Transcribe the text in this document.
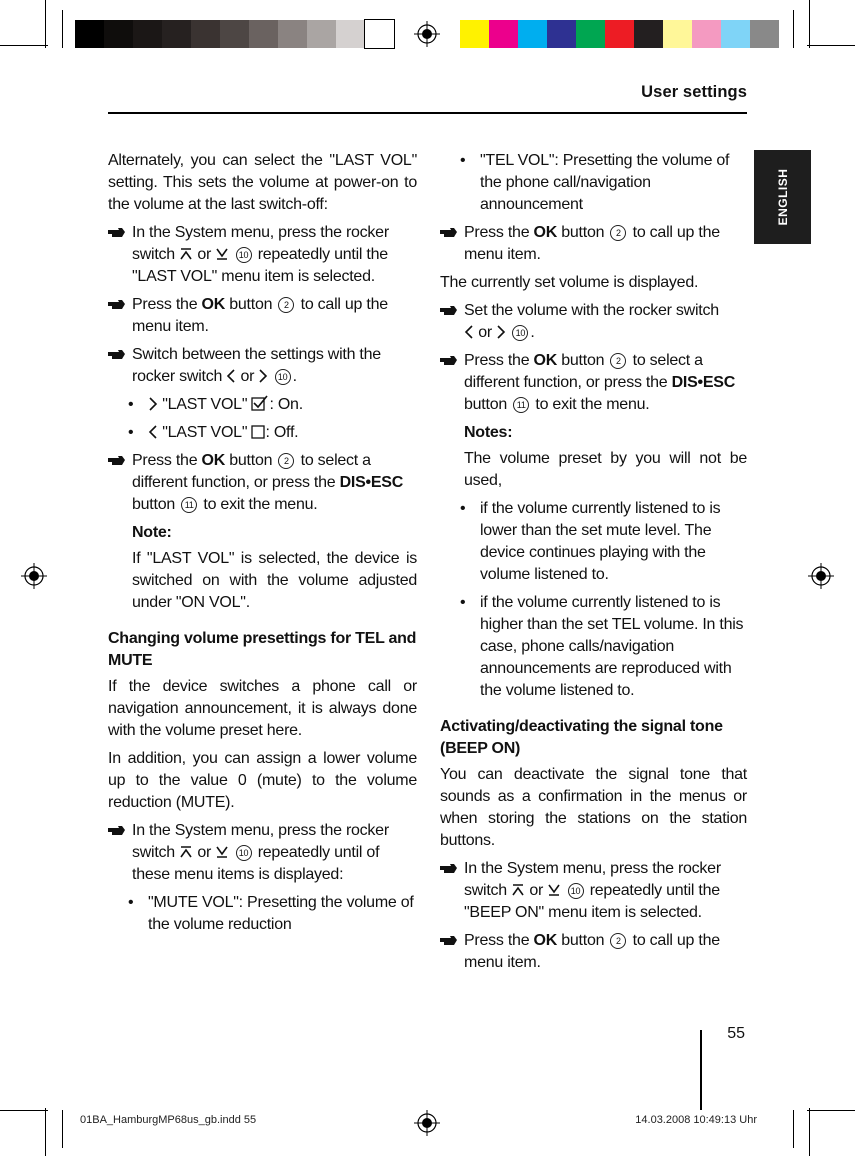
User settings
ENGLISH

Alternately, you can select the "LAST VOL" setting. This sets the volume at power-on to the volume at the last switch-off:

In the System menu, press the rocker switch or	10 repeatedly until the "LAST VOL" menu item is selected.

Press the OK button 2 to call up the menu item.

Switch between the settings with the rocker switch or	10 .

• "LAST VOL" : On.

• "LAST VOL" : Off.

Press the OK button 2 to select a different function, or press the DIS•ESC button 11 to exit the menu.

Note:

If "LAST VOL" is selected, the device is switched on with the volume adjusted under "ON VOL".

Changing volume presettings for TEL and MUTE

If the device switches a phone call or navigation announcement, it is always done with the volume preset here.

In addition, you can assign a lower volume up to the value 0 (mute) to the volume reduction (MUTE).

In the System menu, press the rocker switch or	10 repeatedly until of these menu items is displayed:

• "MUTE VOL": Presetting the volume of the volume reduction

• "TEL VOL": Presetting the volume of the phone call/navigation announcement

Press the OK button 2 to call up the menu item.

The currently set volume is displayed.

Set the volume with the rocker switch
or	10 .

Press the OK button 2 to select a different function, or press the DIS•ESC button 11 to exit the menu.

Notes:

The volume preset by you will not be used,

• if the volume currently listened to is lower than the set mute level. The device continues playing with the volume listened to.

• if the volume currently listened to is higher than the set TEL volume. In this case, phone calls/navigation announcements are reproduced with the volume listened to.

Activating/deactivating the signal tone (BEEP ON)

You can deactivate the signal tone that sounds as a confirmation in the menus or when storing the stations on the station buttons.

In the System menu, press the rocker switch or	10 repeatedly until the "BEEP ON" menu item is selected.

Press the OK button 2 to call up the menu item.

55
01BA_HamburgMP68us_gb.indd 55	14.03.2008 10:49:13 Uhr
